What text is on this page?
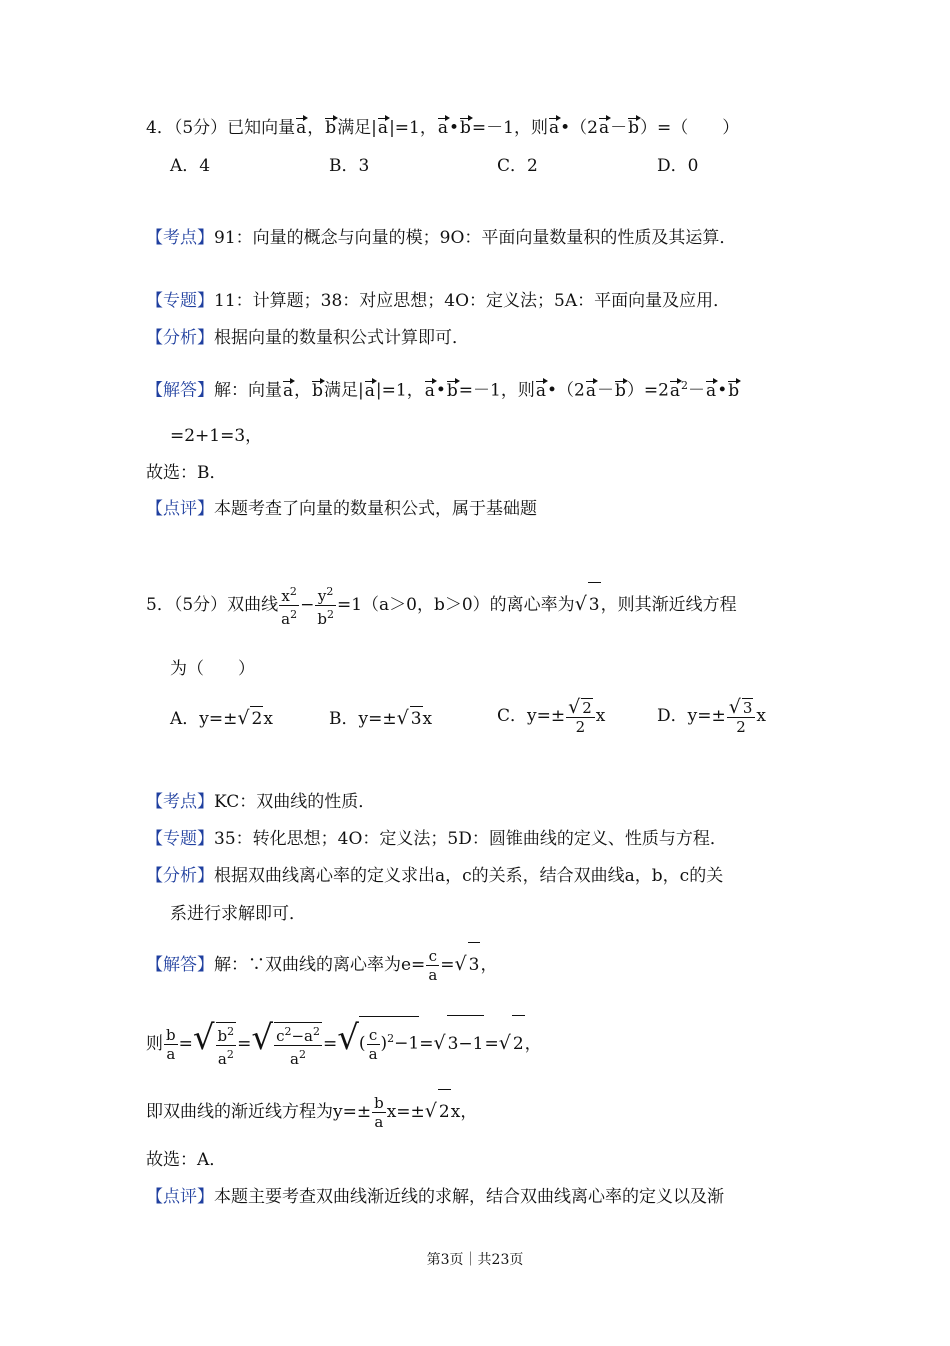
4．（5分）已知向量a，b满足|a|=1，a•b=－1，则a•（2a－b）=（　　）
A．4	B．3	C．2	D．0
【考点】91：向量的概念与向量的模；9O：平面向量数量积的性质及其运算．
【专题】11：计算题；38：对应思想；4O：定义法；5A：平面向量及应用．
【分析】根据向量的数量积公式计算即可．
【解答】解：向量a，b满足|a|=1，a•b=－1，则$a•(2a-b)=2a^2-a•b$
=2+1=3，
故选：B．
【点评】本题考查了向量的数量积公式，属于基础题
5．（5分）双曲线 $\frac{x^2}{a^2} - \frac{y^2}{b^2} =1(a>0$，b＞0）的离心率为√ 3，则其渐近线方程
为（　　）
A．y=±√ 2x	B．y=±√ 3x	C．$y=\pm \frac{√ 2}{2}$ x	D．$y=\pm \frac{√ 3}{2}$ x
【考点】KC：双曲线的性质．
【专题】35：转化思想；4O：定义法；5D：圆锥曲线的定义、性质与方程．
【分析】根据双曲线离心率的定义求出a，c的关系，结合双曲线a，b，c的关
系进行求解即可．
【解答】解：∵双曲线的离心率为$e= \frac{c}{a}$ =√ 3，
则 $\frac{b}{a}$ =√ $\frac{b^2}{a^2}$ =√ $\frac{c^2-a^2}{a^2}$ =√( $\frac{c}{a} )^2-1=√$ 3−1=√ 2，
即双曲线的渐近线方程为$y=\pm \frac{b}{a} x=\pm√$ 2x，
故选：A．
【点评】本题主要考查双曲线渐近线的求解，结合双曲线离心率的定义以及渐
第3页｜共23页
